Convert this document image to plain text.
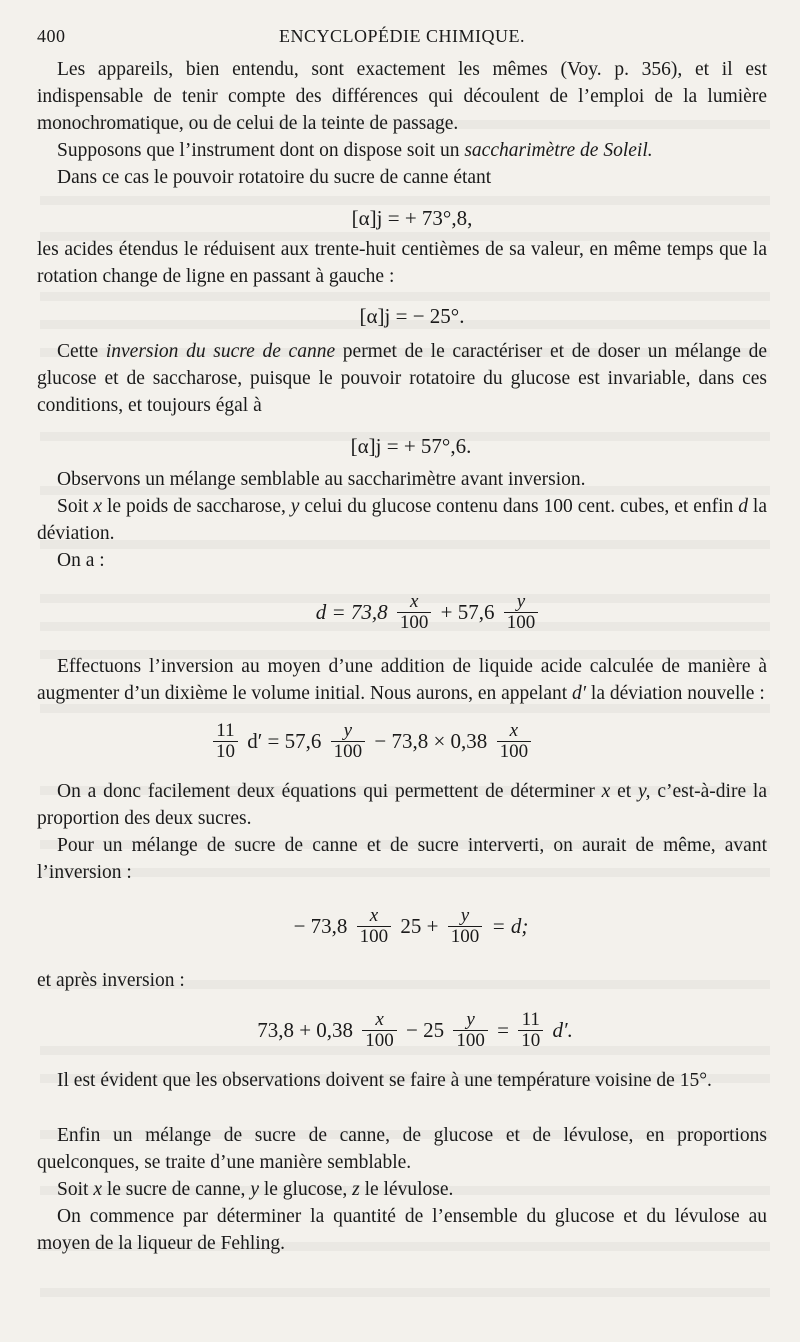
400	ENCYCLOPÉDIE CHIMIQUE.

Les appareils, bien entendu, sont exactement les mêmes (Voy. p. 356), et il est indispensable de tenir compte des différences qui découlent de l’emploi de la lumière monochromatique, ou de celui de la teinte de passage.

Supposons que l’instrument dont on dispose soit un saccharimètre de Soleil.

Dans ce cas le pouvoir rotatoire du sucre de canne étant

[α]j = + 73°,8,

les acides étendus le réduisent aux trente-huit centièmes de sa valeur, en même temps que la rotation change de ligne en passant à gauche :

[α]j = − 25°.

Cette inversion du sucre de canne permet de le caractériser et de doser un mélange de glucose et de saccharose, puisque le pouvoir rotatoire du glucose est invariable, dans ces conditions, et toujours égal à

[α]j = + 57°,6.

Observons un mélange semblable au saccharimètre avant inversion.

Soit x le poids de saccharose, y celui du glucose contenu dans 100 cent. cubes, et enfin d la déviation.

On a :

$d = 73,8 \frac{x}{100} + 57,6 \frac{y}{100}$

Effectuons l’inversion au moyen d’une addition de liquide acide calculée de manière à augmenter d’un dixième le volume initial. Nous aurons, en appelant d′ la déviation nouvelle :

$\frac{11}{10} d' = 57,6 \frac{y}{100} - 73,8 \times 0,38 \frac{x}{100}$

On a donc facilement deux équations qui permettent de déterminer x et y, c’est-à-dire la proportion des deux sucres.

Pour un mélange de sucre de canne et de sucre interverti, on aurait de même, avant l’inversion :

− $73,8 \frac{x}{100} 25 + \frac{y}{100} = d$;

et après inversion :

$73,8 + 0,38 \frac{x}{100} - 25 \frac{y}{100} = \frac{11}{10} d'$.

Il est évident que les observations doivent se faire à une température voisine de 15°.

Enfin un mélange de sucre de canne, de glucose et de lévulose, en proportions quelconques, se traite d’une manière semblable.

Soit x le sucre de canne, y le glucose, z le lévulose.

On commence par déterminer la quantité de l’ensemble du glucose et du lévulose au moyen de la liqueur de Fehling.
